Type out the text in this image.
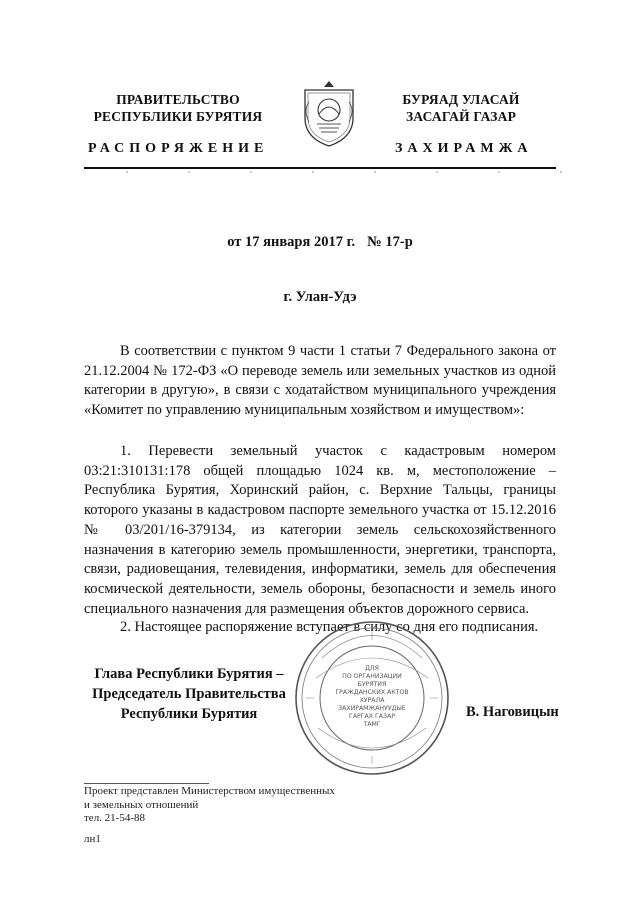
ПРАВИТЕЛЬСТВО
РЕСПУБЛИКИ БУРЯТИЯ
БУРЯАД УЛАСАЙ
ЗАСАГАЙ ГАЗАР
РАСПОРЯЖЕНИЕ	ЗАХИРАМЖА
от 17 января 2017 г. № 17-р
г. Улан-Удэ
В соответствии с пунктом 9 части 1 статьи 7 Федерального закона от 21.12.2004 № 172-ФЗ «О переводе земель или земельных участков из одной категории в другую», в связи с ходатайством муниципального учреждения «Комитет по управлению муниципальным хозяйством и имуществом»:
1. Перевести земельный участок с кадастровым номером 03:21:310131:178 общей площадью 1024 кв. м, местоположение – Республика Бурятия, Хоринский район, с. Верхние Тальцы, границы которого указаны в кадастровом паспорте земельного участка от 15.12.2016 № 03/201/16-379134, из категории земель сельскохозяйственного назначения в категорию земель промышленности, энергетики, транспорта, связи, радиовещания, телевидения, информатики, земель для обеспечения космической деятельности, земель обороны, безопасности и земель иного специального назначения для размещения объектов дорожного сервиса.
2. Настоящее распоряжение вступает в силу со дня его подписания.
Глава Республики Бурятия –
Председатель Правительства
Республики Бурятия
ДЛЯ
ПО ОРГАНИЗАЦИИ
БУРЯТИЯ
ГРАЖДАНСКИХ АКТОВ
ХУРАЛА
ЗАХИРАМЖАНУУДЫЕ
ГАРГАХ ГАЗАР
ТАМГ
В. Наговицын
Проект представлен Министерством имущественных
и земельных отношений
тел. 21-54-88
лн1
